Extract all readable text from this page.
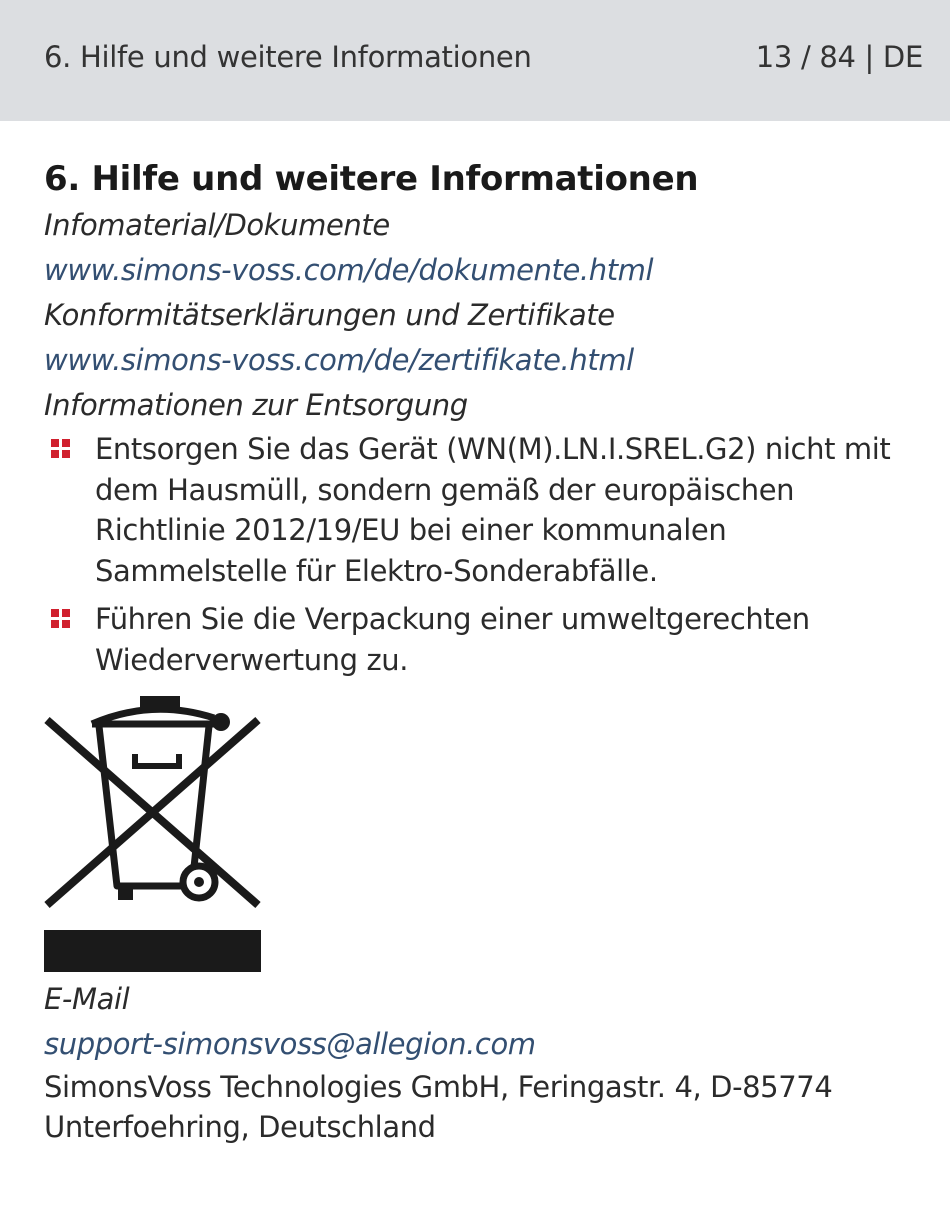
6. Hilfe und weitere Informationen	13 / 84 | DE
6. Hilfe und weitere Informationen
Infomaterial/Dokumente
www.simons-voss.com/de/dokumente.html
Konformitätserklärungen und Zertifikate
www.simons-voss.com/de/zertifikate.html
Informationen zur Entsorgung
Entsorgen Sie das Gerät (WN(M).LN.I.SREL.G2) nicht mit dem Hausmüll, sondern gemäß der europäischen Richtlinie 2012/19/EU bei einer kommunalen Sammelstelle für Elektro-Sonderabfälle.
Führen Sie die Verpackung einer umweltgerechten Wiederverwertung zu.
E-Mail
support-simonsvoss@allegion.com
SimonsVoss Technologies GmbH, Feringastr. 4, D-85774
Unterfoehring, Deutschland
